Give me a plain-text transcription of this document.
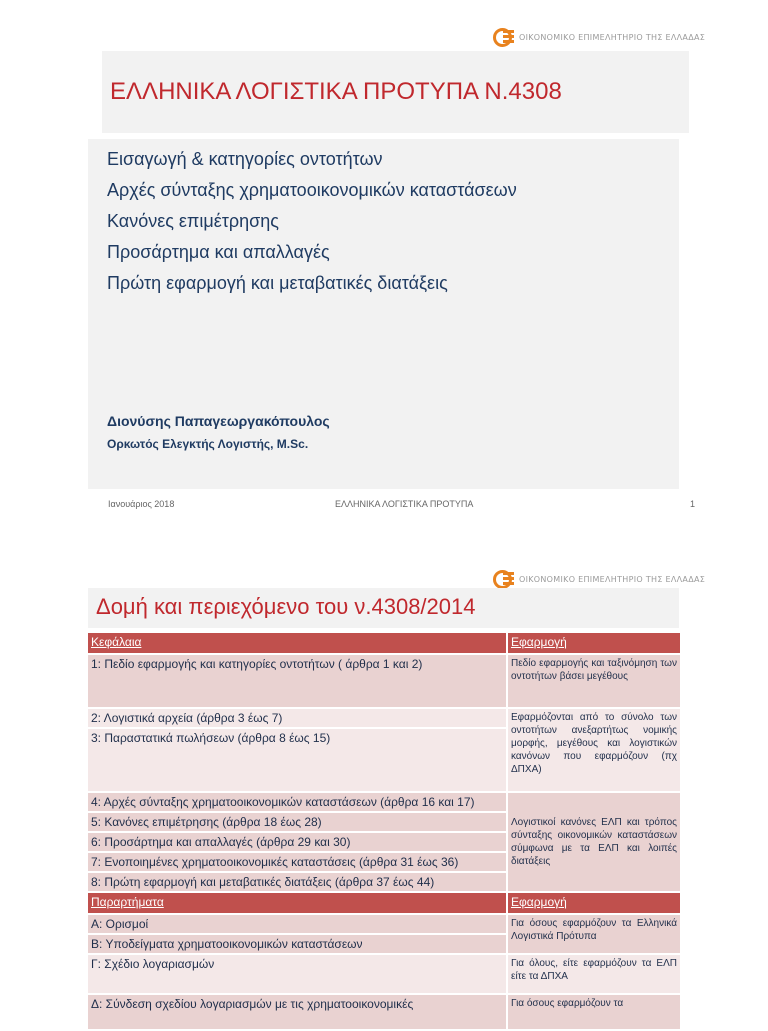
ΟΙΚΟΝΟΜΙΚΟ ΕΠΙΜΕΛΗΤΗΡΙΟ ΤΗΣ ΕΛΛΑΔΑΣ
ΕΛΛΗΝΙΚΑ ΛΟΓΙΣΤΙΚΑ ΠΡΟΤΥΠΑ Ν.4308
Εισαγωγή & κατηγορίες οντοτήτων
Αρχές σύνταξης χρηματοοικονομικών καταστάσεων
Κανόνες επιμέτρησης
Προσάρτημα και απαλλαγές
Πρώτη εφαρμογή και μεταβατικές διατάξεις
Διονύσης Παπαγεωργακόπουλος
Ορκωτός Ελεγκτής Λογιστής, M.Sc.
Ιανουάριος 2018	ΕΛΛΗΝΙΚΑ ΛΟΓΙΣΤΙΚΑ ΠΡΟΤΥΠΑ	1
ΟΙΚΟΝΟΜΙΚΟ ΕΠΙΜΕΛΗΤΗΡΙΟ ΤΗΣ ΕΛΛΑΔΑΣ
Δομή και περιεχόμενο του ν.4308/2014
Κεφάλαια	Εφαρμογή
1: Πεδίο εφαρμογής και κατηγορίες οντοτήτων ( άρθρα 1 και 2)	Πεδίο εφαρμογής και ταξινόμηση των οντοτήτων βάσει μεγέθους
2: Λογιστικά αρχεία (άρθρα 3 έως 7)	Εφαρμόζονται από το σύνολο των οντοτήτων ανεξαρτήτως νομικής μορφής, μεγέθους και λογιστικών κανόνων που εφαρμόζουν (πχ ΔΠΧΑ)
3: Παραστατικά πωλήσεων (άρθρα 8 έως 15)	
4: Αρχές σύνταξης χρηματοοικονομικών καταστάσεων (άρθρα 16 και 17)	Λογιστικοί κανόνες ΕΛΠ και τρόπος σύνταξης οικονομικών καταστάσεων σύμφωνα με τα ΕΛΠ και λοιπές διατάξεις
5: Κανόνες επιμέτρησης (άρθρα 18 έως 28)	
6: Προσάρτημα και απαλλαγές (άρθρα 29 και 30)	
7: Ενοποιημένες χρηματοοικονομικές καταστάσεις (άρθρα 31 έως 36)	
8: Πρώτη εφαρμογή και μεταβατικές διατάξεις (άρθρα 37 έως 44)	
Παραρτήματα	Εφαρμογή
Α: Ορισμοί	Για όσους εφαρμόζουν τα Ελληνικά Λογιστικά Πρότυπα
Β: Υποδείγματα χρηματοοικονομικών καταστάσεων	
Γ: Σχέδιο λογαριασμών	Για όλους, είτε εφαρμόζουν τα ΕΛΠ είτε τα ΔΠΧΑ
Δ: Σύνδεση σχεδίου λογαριασμών με τις χρηματοοικονομικές	Για όσους εφαρμόζουν τα
